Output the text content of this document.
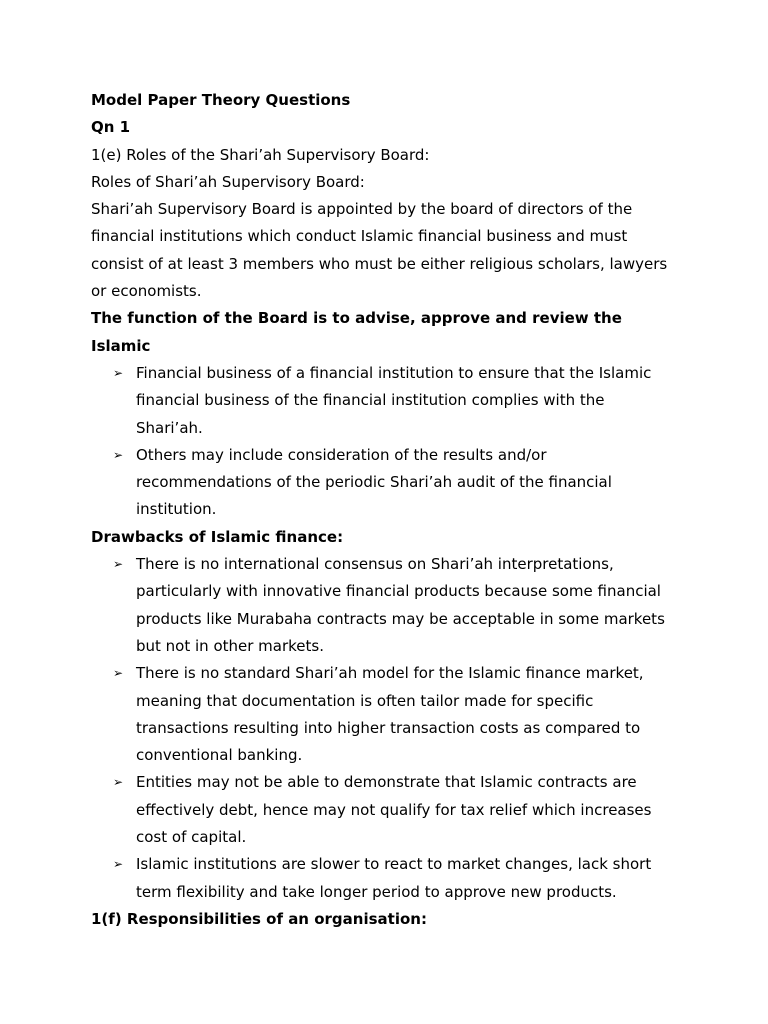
Model Paper Theory Questions
Qn 1
1(e) Roles of the Shari’ah Supervisory Board:
Roles of Shari’ah Supervisory Board:
Shari’ah Supervisory Board is appointed by the board of directors of the
financial institutions which conduct Islamic financial business and must
consist of at least 3 members who must be either religious scholars, lawyers
or economists.
The function of the Board is to advise, approve and review the
Islamic
➢ Financial business of a financial institution to ensure that the Islamic
financial business of the financial institution complies with the
Shari’ah.
➢ Others may include consideration of the results and/or
recommendations of the periodic Shari’ah audit of the financial
institution.
Drawbacks of Islamic finance:
➢ There is no international consensus on Shari’ah interpretations,
particularly with innovative financial products because some financial
products like Murabaha contracts may be acceptable in some markets
but not in other markets.
➢ There is no standard Shari’ah model for the Islamic finance market,
meaning that documentation is often tailor made for specific
transactions resulting into higher transaction costs as compared to
conventional banking.
➢ Entities may not be able to demonstrate that Islamic contracts are
effectively debt, hence may not qualify for tax relief which increases
cost of capital.
➢ Islamic institutions are slower to react to market changes, lack short
term flexibility and take longer period to approve new products.
1(f) Responsibilities of an organisation:
